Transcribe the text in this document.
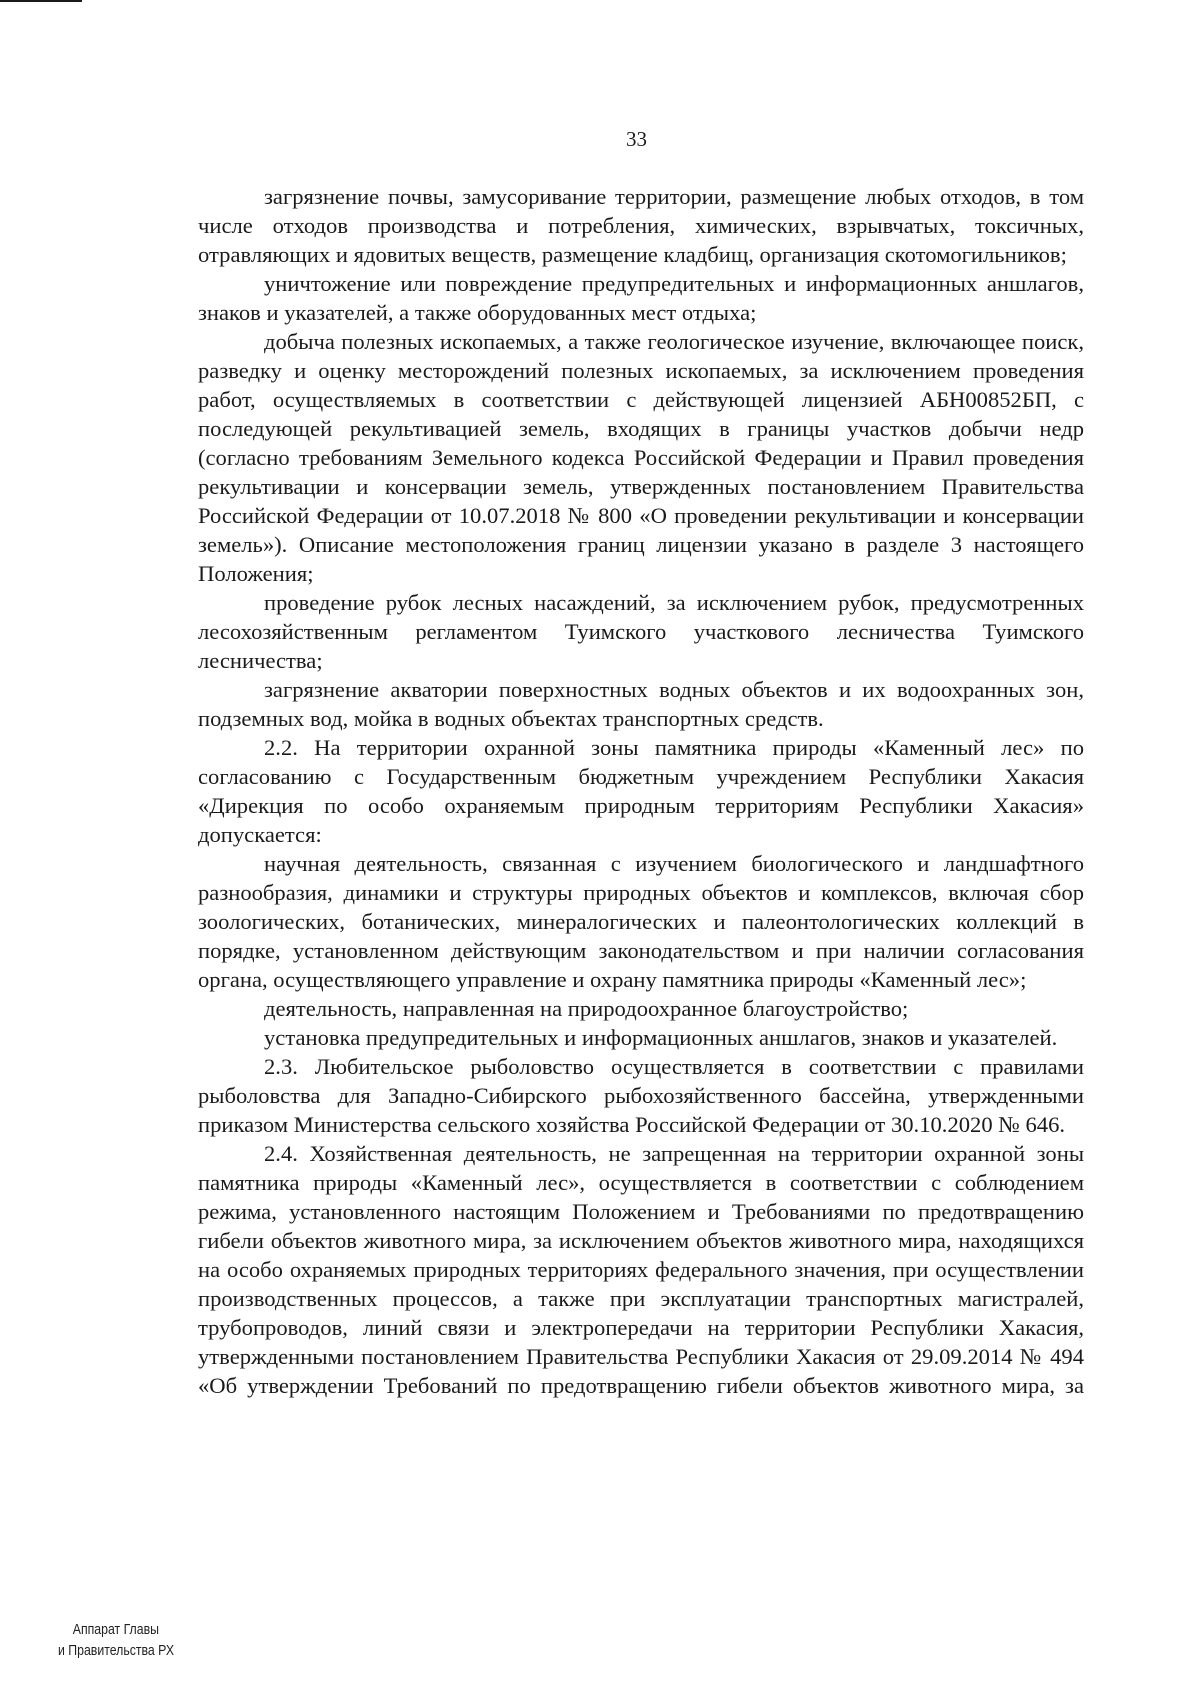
33

загрязнение почвы, замусоривание территории, размещение любых отходов, в том числе отходов производства и потребления, химических, взрывчатых, токсичных, отравляющих и ядовитых веществ, размещение кладбищ, организация скотомогильников;

уничтожение или повреждение предупредительных и информационных аншлагов, знаков и указателей, а также оборудованных мест отдыха;

добыча полезных ископаемых, а также геологическое изучение, включающее поиск, разведку и оценку месторождений полезных ископаемых, за исключением проведения работ, осуществляемых в соответствии с действующей лицензией АБН00852БП, с последующей рекультивацией земель, входящих в границы участков добычи недр (согласно требованиям Земельного кодекса Российской Федерации и Правил проведения рекультивации и консервации земель, утвержденных постановлением Правительства Российской Федерации от 10.07.2018 № 800 «О проведении рекультивации и консервации земель»). Описание местоположения границ лицензии указано в разделе 3 настоящего Положения;

проведение рубок лесных насаждений, за исключением рубок, предусмотренных лесохозяйственным регламентом Туимского участкового лесничества Туимского лесничества;

загрязнение акватории поверхностных водных объектов и их водоохранных зон, подземных вод, мойка в водных объектах транспортных средств.

2.2. На территории охранной зоны памятника природы «Каменный лес» по согласованию с Государственным бюджетным учреждением Республики Хакасия «Дирекция по особо охраняемым природным территориям Республики Хакасия» допускается:

научная деятельность, связанная с изучением биологического и ландшафтного разнообразия, динамики и структуры природных объектов и комплексов, включая сбор зоологических, ботанических, минералогических и палеонтологических коллекций в порядке, установленном действующим законодательством и при наличии согласования органа, осуществляющего управление и охрану памятника природы «Каменный лес»;

деятельность, направленная на природоохранное благоустройство;

установка предупредительных и информационных аншлагов, знаков и указателей.

2.3. Любительское рыболовство осуществляется в соответствии с правилами рыболовства для Западно-Сибирского рыбохозяйственного бассейна, утвержденными приказом Министерства сельского хозяйства Российской Федерации от 30.10.2020 № 646.

2.4. Хозяйственная деятельность, не запрещенная на территории охранной зоны памятника природы «Каменный лес», осуществляется в соответствии с соблюдением режима, установленного настоящим Положением и Требованиями по предотвращению гибели объектов животного мира, за исключением объектов животного мира, находящихся на особо охраняемых природных территориях федерального значения, при осуществлении производственных процессов, а также при эксплуатации транспортных магистралей, трубопроводов, линий связи и электропередачи на территории Республики Хакасия, утвержденными постановлением Правительства Республики Хакасия от 29.09.2014 № 494 «Об утверждении Требований по предотвращению гибели объектов животного мира, за

Аппарат Главы
и Правительства РХ
